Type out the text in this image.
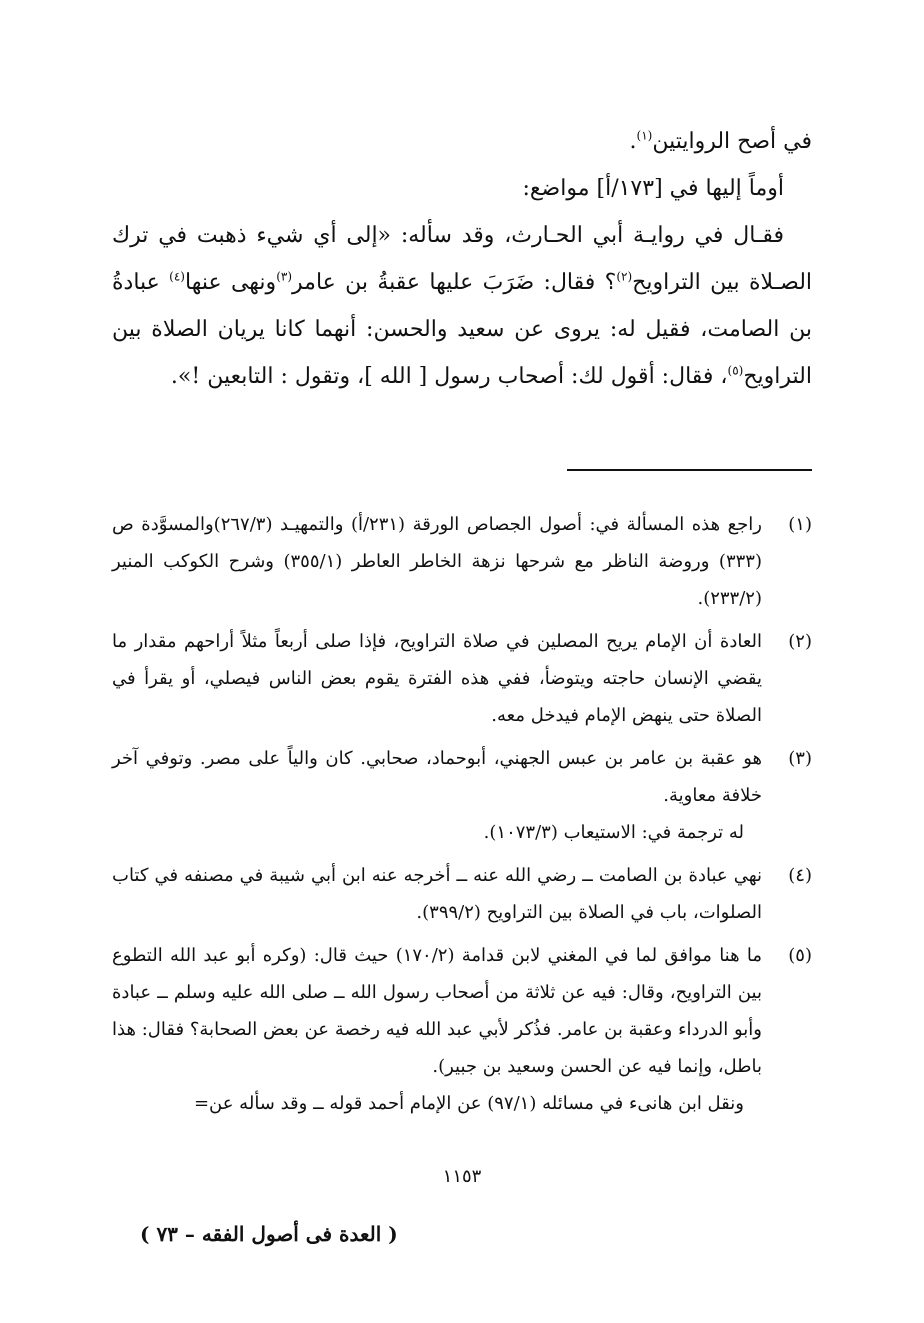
في أصح الروايتين$^{(١)}$.

أوماً إليها في [١٧٣/أ] مواضع:

فقـال في روايـة أبي الحـارث، وقد سأله: «إلى أي شيء ذهبت في ترك الصـلاة بين التراويح$^{(٢)}$؟ فقال: ضَرَبَ عليها عقبةُ بن عامر$^{(٣)}$ونهى عنها$^{(٤)}$ عبادةُ بن الصامت، فقيل له: يروى عن سعيد والحسن: أنهما كانا يريان الصلاة بين التراويح$^{(٥)}$، فقال: أقول لك: أصحاب رسول [ الله ]، وتقول : التابعين !».

(١)
راجع هذه المسألة في: أصول الجصاص الورقة (٢٣١/أ) والتمهيـد (٢٦٧/٣)والمسوَّدة ص (٣٣٣) وروضة الناظر مع شرحها نزهة الخاطر العاطر (٣٥٥/١) وشرح الكوكب المنير (٢٣٣/٢).
(٢)
العادة أن الإمام يريح المصلين في صلاة التراويح، فإذا صلى أربعاً مثلاً أراحهم مقدار ما يقضي الإنسان حاجته ويتوضأ، ففي هذه الفترة يقوم بعض الناس فيصلي، أو يقرأ في الصلاة حتى ينهض الإمام فيدخل معه.
(٣)
هو عقبة بن عامر بن عبس الجهني، أبوحماد، صحابي. كان والياً على مصر. وتوفي آخر خلافة معاوية.
له ترجمة في: الاستيعاب (١٠٧٣/٣).
(٤)
نهي عبادة بن الصامت ــ رضي الله عنه ــ أخرجه عنه ابن أبي شيبة في مصنفه في كتاب الصلوات، باب في الصلاة بين التراويح (٣٩٩/٢).
(٥)
ما هنا موافق لما في المغني لابن قدامة (١٧٠/٢) حيث قال: (وكره أبو عبد الله التطوع بين التراويح، وقال: فيه عن ثلاثة من أصحاب رسول الله ــ صلى الله عليه وسلم ــ عبادة وأبو الدرداء وعقبة بن عامر. فذُكر لأبي عبد الله فيه رخصة عن بعض الصحابة؟ فقال: هذا باطل، وإنما فيه عن الحسن وسعيد بن جبير).
ونقل ابن هانىء في مسائله (٩٧/١) عن الإمام أحمد قوله ــ وقد سأله عن=
١١٥٣
( العدة فى أصول الفقه – ٧٣ )
